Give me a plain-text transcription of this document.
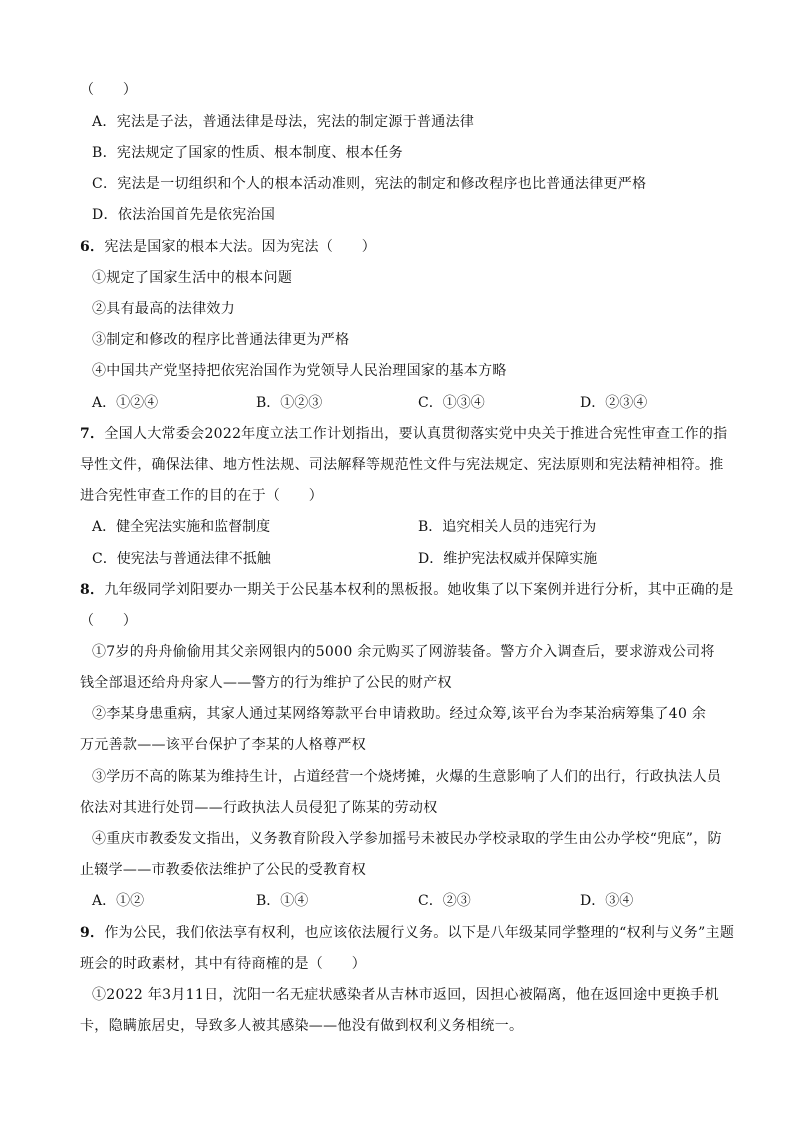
（　　）
A．宪法是子法，普通法律是母法，宪法的制定源于普通法律
B．宪法规定了国家的性质、根本制度、根本任务
C．宪法是一切组织和个人的根本活动准则，宪法的制定和修改程序也比普通法律更严格
D．依法治国首先是依宪治国
6．宪法是国家的根本大法。因为宪法（　　）
①规定了国家生活中的根本问题
②具有最高的法律效力
③制定和修改的程序比普通法律更为严格
④中国共产党坚持把依宪治国作为党领导人民治理国家的基本方略
A．①②④	B．①②③	C．①③④	D．②③④
7．全国人大常委会2022年度立法工作计划指出，要认真贯彻落实党中央关于推进合宪性审查工作的指
导性文件，确保法律、地方性法规、司法解释等规范性文件与宪法规定、宪法原则和宪法精神相符。推
进合宪性审查工作的目的在于（　　）
A．健全宪法实施和监督制度	B．追究相关人员的违宪行为
C．使宪法与普通法律不抵触	D．维护宪法权威并保障实施
8．九年级同学刘阳要办一期关于公民基本权利的黑板报。她收集了以下案例并进行分析，其中正确的是
（　　）
①7岁的舟舟偷偷用其父亲网银内的5000 余元购买了网游装备。警方介入调查后，要求游戏公司将
钱全部退还给舟舟家人——警方的行为维护了公民的财产权
②李某身患重病，其家人通过某网络筹款平台申请救助。经过众筹,该平台为李某治病筹集了40 余
万元善款——该平台保护了李某的人格尊严权
③学历不高的陈某为维持生计，占道经营一个烧烤摊，火爆的生意影响了人们的出行，行政执法人员
依法对其进行处罚——行政执法人员侵犯了陈某的劳动权
④重庆市教委发文指出，义务教育阶段入学参加摇号未被民办学校录取的学生由公办学校“兜底”，防
止辍学——市教委依法维护了公民的受教育权
A．①②	B．①④	C．②③	D．③④
9．作为公民，我们依法享有权利，也应该依法履行义务。以下是八年级某同学整理的“权利与义务”主题
班会的时政素材，其中有待商榷的是（　　）
①2022 年3月11日，沈阳一名无症状感染者从吉林市返回，因担心被隔离，他在返回途中更换手机
卡，隐瞒旅居史，导致多人被其感染——他没有做到权利义务相统一。
